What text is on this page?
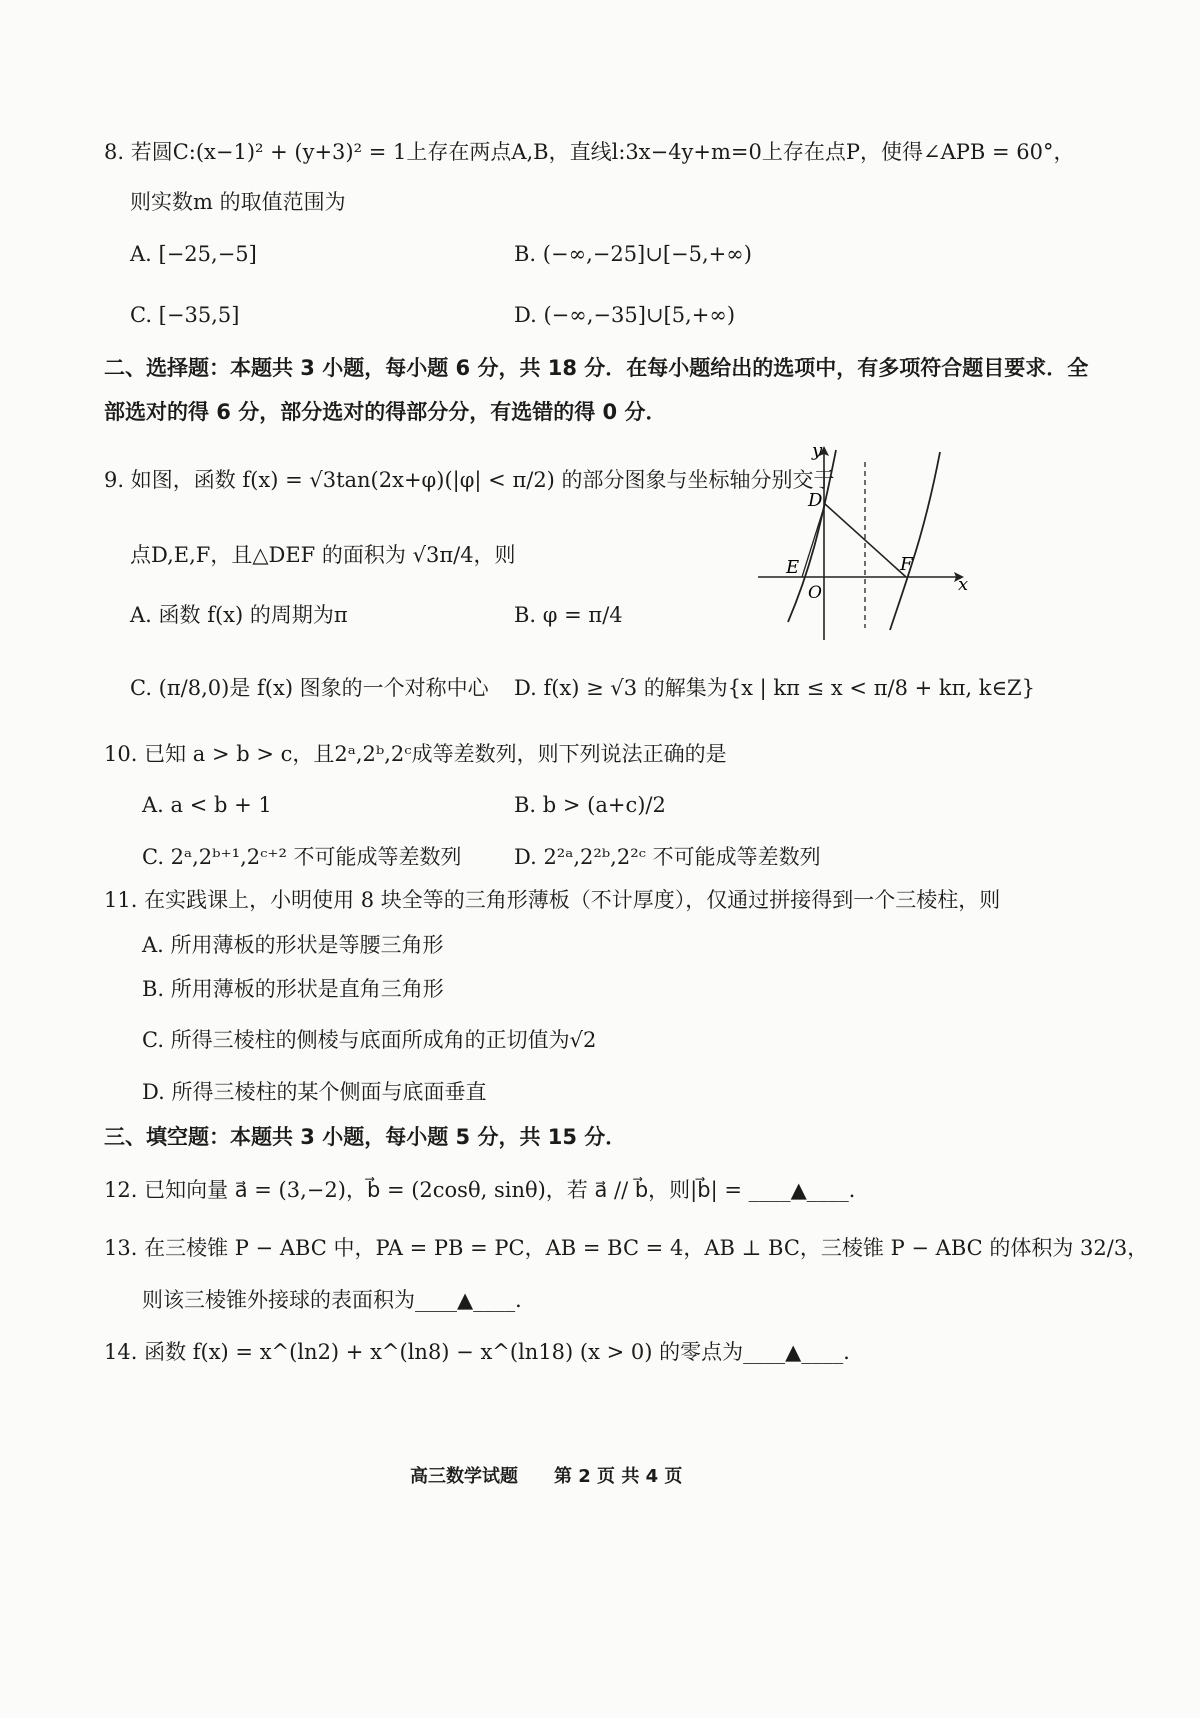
8. 若圆C:(x−1)² + (y+3)² = 1上存在两点A,B，直线l:3x−4y+m=0上存在点P，使得∠APB = 60°，
则实数m 的取值范围为
A. [−25,−5]	B. (−∞,−25]∪[−5,+∞)
C. [−35,5]	D. (−∞,−35]∪[5,+∞)
二、选择题：本题共 3 小题，每小题 6 分，共 18 分．在每小题给出的选项中，有多项符合题目要求．全
部选对的得 6 分，部分选对的得部分分，有选错的得 0 分．
9. 如图，函数 f(x) = √3tan(2x+φ)(|φ| < π/2) 的部分图象与坐标轴分别交于
点D,E,F，且△DEF 的面积为 √3π/4，则
A. 函数 f(x) 的周期为π	B. φ = π/4
C. (π/8,0)是 f(x) 图象的一个对称中心 D. f(x) ≥ √3 的解集为{x | kπ ≤ x < π/8 + kπ, k∈Z}
y
x
D
E	F
O
10. 已知 a > b > c，且2ᵃ,2ᵇ,2ᶜ成等差数列，则下列说法正确的是
A. a < b + 1	B. b > (a+c)/2
C. 2ᵃ,2ᵇ⁺¹,2ᶜ⁺² 不可能成等差数列 D. 2²ᵃ,2²ᵇ,2²ᶜ 不可能成等差数列
11. 在实践课上，小明使用 8 块全等的三角形薄板（不计厚度），仅通过拼接得到一个三棱柱，则
A. 所用薄板的形状是等腰三角形
B. 所用薄板的形状是直角三角形
C. 所得三棱柱的侧棱与底面所成角的正切值为√2
D. 所得三棱柱的某个侧面与底面垂直
三、填空题：本题共 3 小题，每小题 5 分，共 15 分．
12. 已知向量 a⃗ = (3,−2)，b⃗ = (2cosθ, sinθ)，若 a⃗ // b⃗，则|b⃗| = ____▲____．
13. 在三棱锥 P − ABC 中，PA = PB = PC，AB = BC = 4，AB ⊥ BC，三棱锥 P − ABC 的体积为 32/3，
则该三棱锥外接球的表面积为____▲____．
14. 函数 f(x) = x^(ln2) + x^(ln8) − x^(ln18) (x > 0) 的零点为____▲____．
高三数学试题　　第 2 页 共 4 页
